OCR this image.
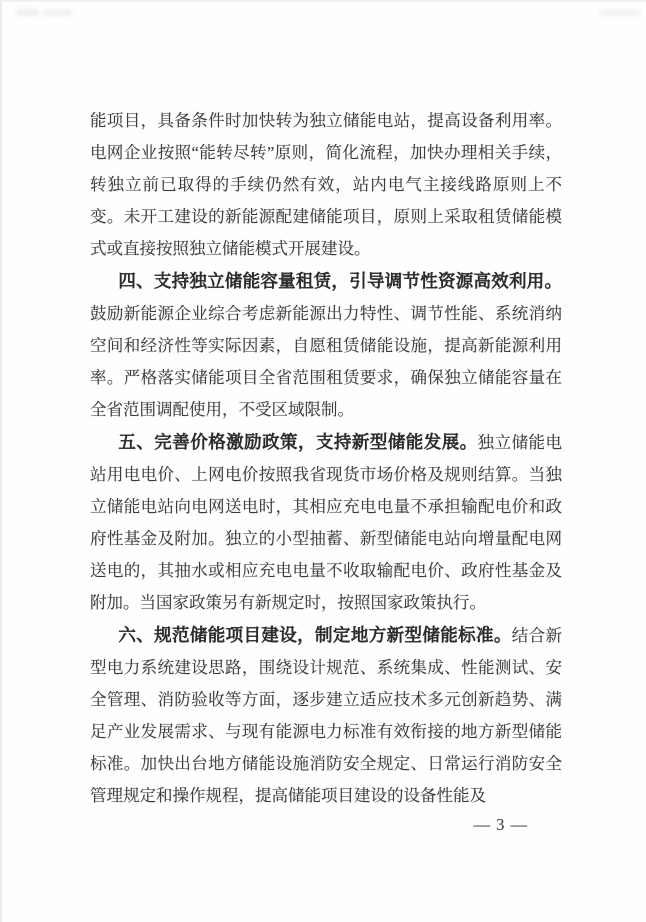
能项目，具备条件时加快转为独立储能电站，提高设备利用率。电网企业按照“能转尽转”原则，简化流程，加快办理相关手续，转独立前已取得的手续仍然有效，站内电气主接线路原则上不变。未开工建设的新能源配建储能项目，原则上采取租赁储能模式或直接按照独立储能模式开展建设。

四、支持独立储能容量租赁，引导调节性资源高效利用。鼓励新能源企业综合考虑新能源出力特性、调节性能、系统消纳空间和经济性等实际因素，自愿租赁储能设施，提高新能源利用率。严格落实储能项目全省范围租赁要求，确保独立储能容量在全省范围调配使用，不受区域限制。

五、完善价格激励政策，支持新型储能发展。独立储能电站用电电价、上网电价按照我省现货市场价格及规则结算。当独立储能电站向电网送电时，其相应充电电量不承担输配电价和政府性基金及附加。独立的小型抽蓄、新型储能电站向增量配电网送电的，其抽水或相应充电电量不收取输配电价、政府性基金及附加。当国家政策另有新规定时，按照国家政策执行。

六、规范储能项目建设，制定地方新型储能标准。结合新型电力系统建设思路，围绕设计规范、系统集成、性能测试、安全管理、消防验收等方面，逐步建立适应技术多元创新趋势、满足产业发展需求、与现有能源电力标准有效衔接的地方新型储能标准。加快出台地方储能设施消防安全规定、日常运行消防安全管理规定和操作规程，提高储能项目建设的设备性能及

— 3 —
